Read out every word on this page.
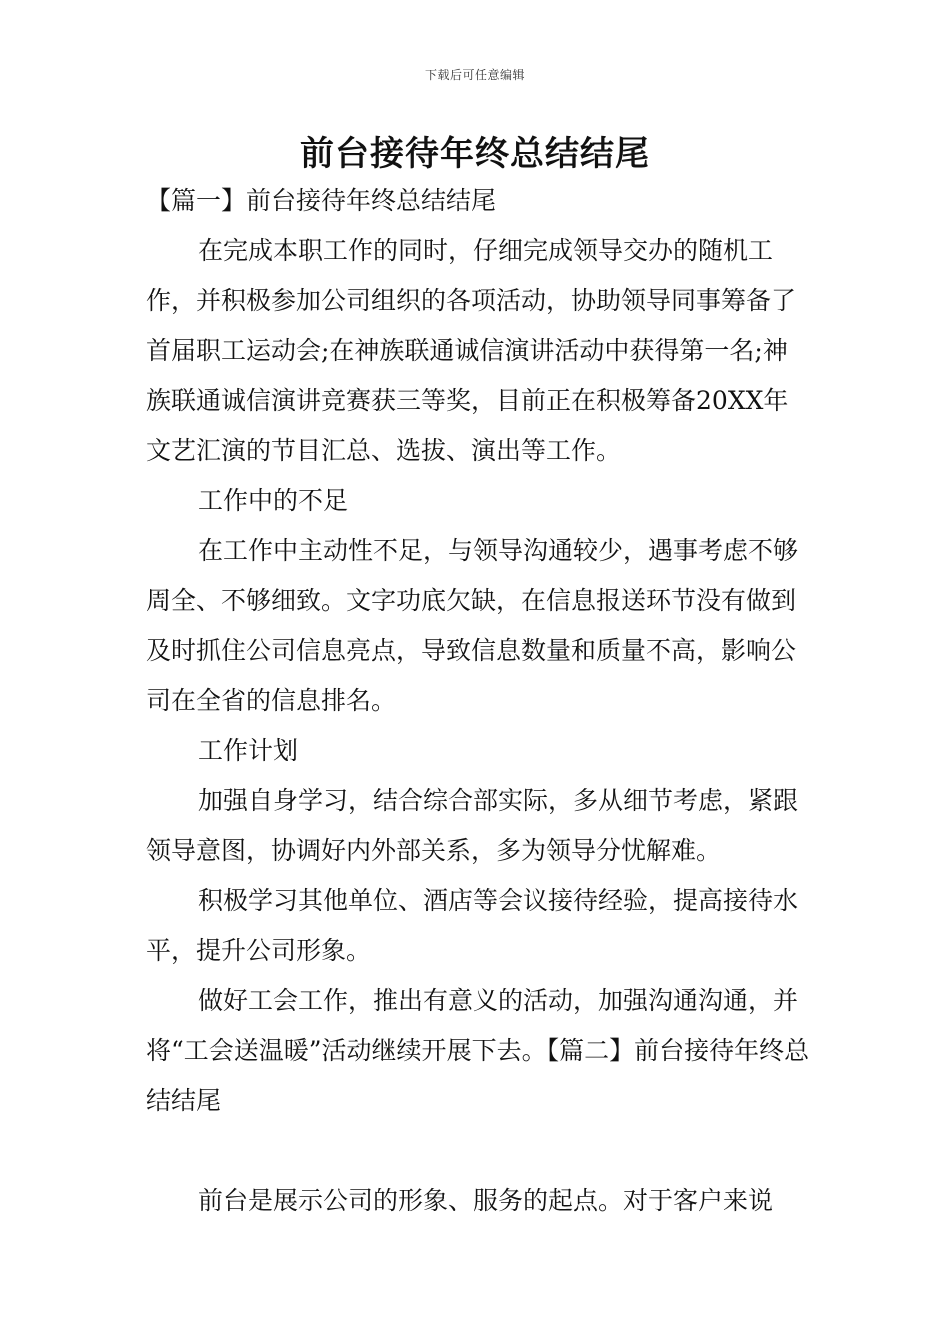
下载后可任意编辑
前台接待年终总结结尾

【篇一】前台接待年终总结结尾

在完成本职工作的同时，仔细完成领导交办的随机工作，并积极参加公司组织的各项活动，协助领导同事筹备了首届职工运动会;在神族联通诚信演讲活动中获得第一名;神族联通诚信演讲竞赛获三等奖，目前正在积极筹备20XX年文艺汇演的节目汇总、选拔、演出等工作。

工作中的不足

在工作中主动性不足，与领导沟通较少，遇事考虑不够周全、不够细致。文字功底欠缺，在信息报送环节没有做到及时抓住公司信息亮点，导致信息数量和质量不高，影响公司在全省的信息排名。

工作计划

加强自身学习，结合综合部实际，多从细节考虑，紧跟领导意图，协调好内外部关系，多为领导分忧解难。

积极学习其他单位、酒店等会议接待经验，提高接待水平，提升公司形象。

做好工会工作，推出有意义的活动，加强沟通沟通，并将“工会送温暖”活动继续开展下去。【篇二】前台接待年终总结结尾

前台是展示公司的形象、服务的起点。对于客户来说
